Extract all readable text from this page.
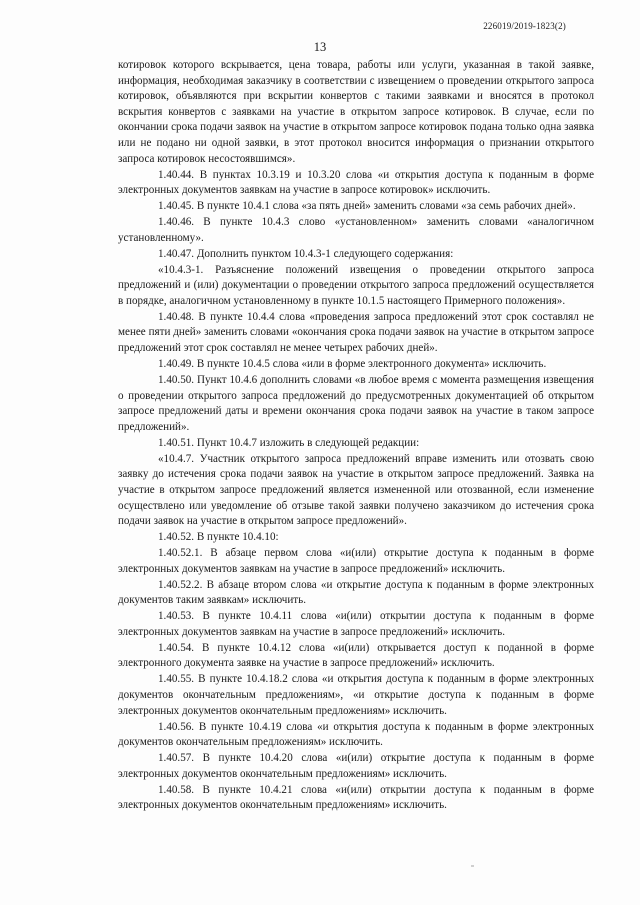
226019/2019-1823(2)
13

котировок которого вскрывается, цена товара, работы или услуги, указанная в такой заявке, информация, необходимая заказчику в соответствии с извещением о проведении открытого запроса котировок, объявляются при вскрытии конвертов с такими заявками и вносятся в протокол вскрытия конвертов с заявками на участие в открытом запросе котировок. В случае, если по окончании срока подачи заявок на участие в открытом запросе котировок подана только одна заявка или не подано ни одной заявки, в этот протокол вносится информация о признании открытого запроса котировок несостоявшимся».

1.40.44. В пунктах 10.3.19 и 10.3.20 слова «и открытия доступа к поданным в форме электронных документов заявкам на участие в запросе котировок» исключить.

1.40.45. В пункте 10.4.1 слова «за пять дней» заменить словами «за семь рабочих дней».

1.40.46. В пункте 10.4.3 слово «установленном» заменить словами «аналогичном установленному».

1.40.47. Дополнить пунктом 10.4.3-1 следующего содержания:

«10.4.3-1. Разъяснение положений извещения о проведении открытого запроса предложений и (или) документации о проведении открытого запроса предложений осуществляется в порядке, аналогичном установленному в пункте 10.1.5 настоящего Примерного положения».

1.40.48. В пункте 10.4.4 слова «проведения запроса предложений этот срок составлял не менее пяти дней» заменить словами «окончания срока подачи заявок на участие в открытом запросе предложений этот срок составлял не менее четырех рабочих дней».

1.40.49. В пункте 10.4.5 слова «или в форме электронного документа» исключить.

1.40.50. Пункт 10.4.6 дополнить словами «в любое время с момента размещения извещения о проведении открытого запроса предложений до предусмотренных документацией об открытом запросе предложений даты и времени окончания срока подачи заявок на участие в таком запросе предложений».

1.40.51. Пункт 10.4.7 изложить в следующей редакции:

«10.4.7. Участник открытого запроса предложений вправе изменить или отозвать свою заявку до истечения срока подачи заявок на участие в открытом запросе предложений. Заявка на участие в открытом запросе предложений является измененной или отозванной, если изменение осуществлено или уведомление об отзыве такой заявки получено заказчиком до истечения срока подачи заявок на участие в открытом запросе предложений».

1.40.52. В пункте 10.4.10:

1.40.52.1. В абзаце первом слова «и(или) открытие доступа к поданным в форме электронных документов заявкам на участие в запросе предложений» исключить.

1.40.52.2. В абзаце втором слова «и открытие доступа к поданным в форме электронных документов таким заявкам» исключить.

1.40.53. В пункте 10.4.11 слова «и(или) открытии доступа к поданным в форме электронных документов заявкам на участие в запросе предложений» исключить.

1.40.54. В пункте 10.4.12 слова «и(или) открывается доступ к поданной в форме электронного документа заявке на участие в запросе предложений» исключить.

1.40.55. В пункте 10.4.18.2 слова «и открытия доступа к поданным в форме электронных документов окончательным предложениям», «и открытие доступа к поданным в форме электронных документов окончательным предложениям» исключить.

1.40.56. В пункте 10.4.19 слова «и открытия доступа к поданным в форме электронных документов окончательным предложениям» исключить.

1.40.57. В пункте 10.4.20 слова «и(или) открытие доступа к поданным в форме электронных документов окончательным предложениям» исключить.

1.40.58. В пункте 10.4.21 слова «и(или) открытии доступа к поданным в форме электронных документов окончательным предложениям» исключить.
